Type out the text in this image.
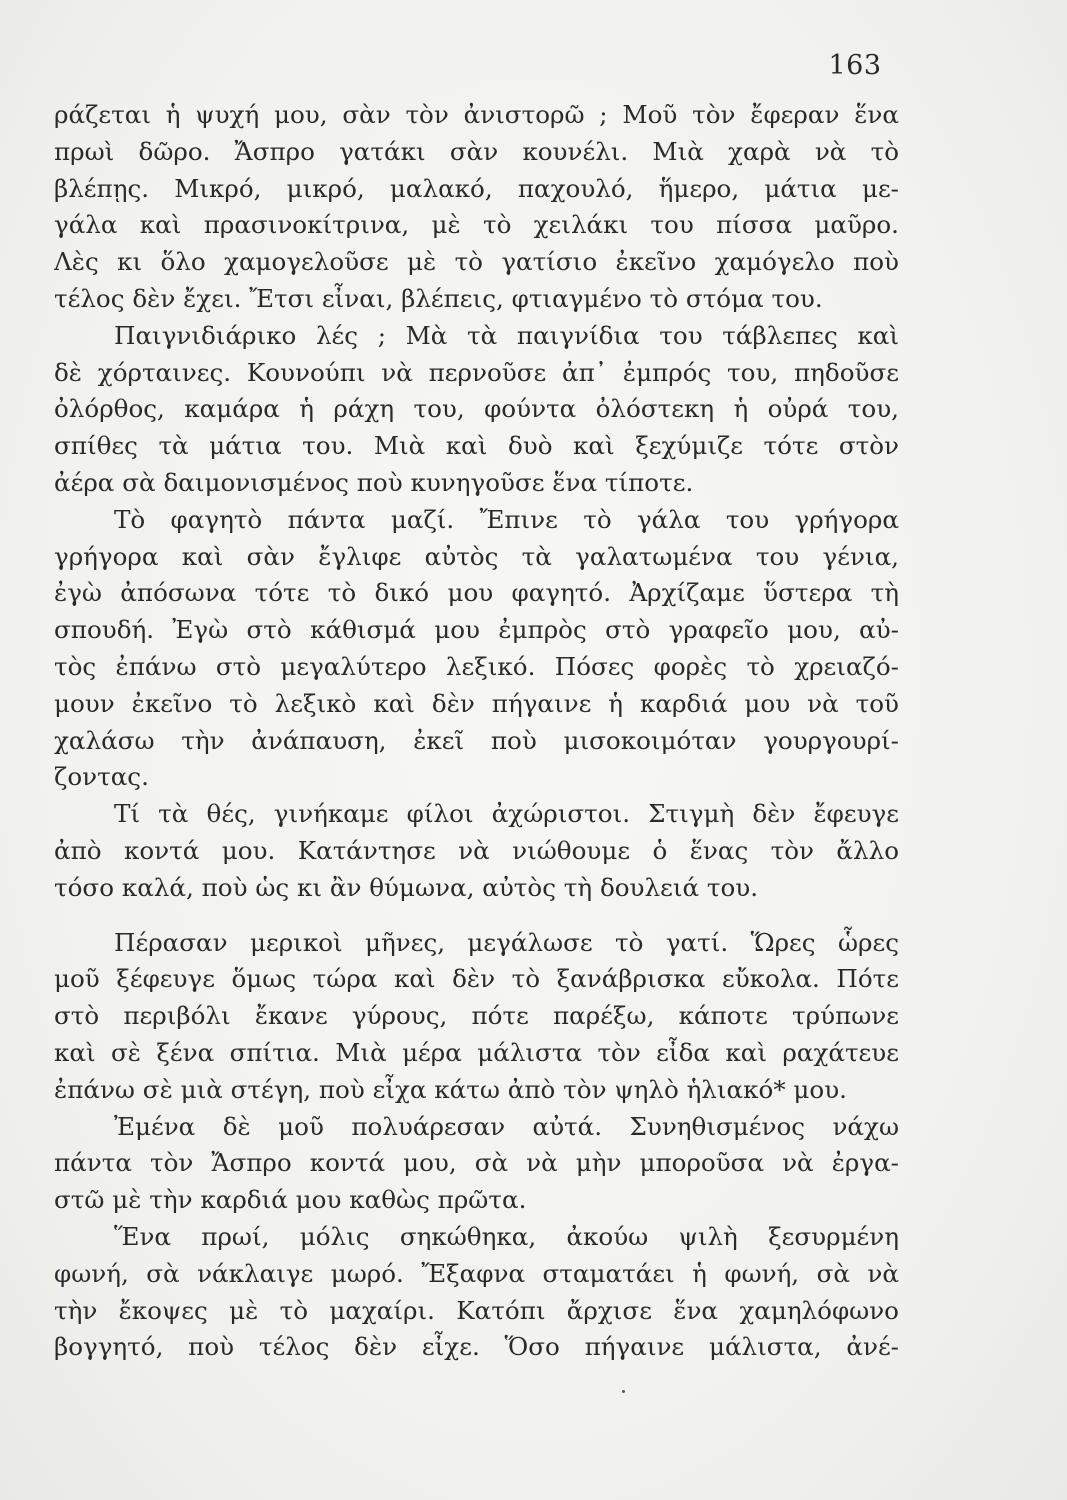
163
ράζεται ἡ ψυχή μου, σὰν τὸν ἀνιστορῶ ; Μοῦ τὸν ἔφεραν ἕνα
πρωὶ δῶρο. Ἄσπρο γατάκι σὰν κουνέλι. Μιὰ χαρὰ νὰ τὸ
βλέπῃς. Μικρό, μικρό, μαλακό, παχουλό, ἥμερο, μάτια με-
γάλα καὶ πρασινοκίτρινα, μὲ τὸ χειλάκι του πίσσα μαῦρο.
Λὲς κι ὅλο χαμογελοῦσε μὲ τὸ γατίσιο ἐκεῖνο χαμόγελο ποὺ
τέλος δὲν ἔχει. Ἔτσι εἶναι, βλέπεις, φτιαγμένο τὸ στόμα του.
Παιγνιδιάρικο λές ; Μὰ τὰ παιγνίδια του τάβλεπες καὶ
δὲ χόρταινες. Κουνούπι νὰ περνοῦσε ἀπ᾽ ἐμπρός του, πηδοῦσε
ὀλόρθος, καμάρα ἡ ράχη του, φούντα ὀλόστεκη ἡ οὐρά του,
σπίθες τὰ μάτια του. Μιὰ καὶ δυὸ καὶ ξεχύμιζε τότε στὸν
ἀέρα σὰ δαιμονισμένος ποὺ κυνηγοῦσε ἕνα τίποτε.
Τὸ φαγητὸ πάντα μαζί. Ἔπινε τὸ γάλα του γρήγορα
γρήγορα καὶ σὰν ἔγλιφε αὐτὸς τὰ γαλατωμένα του γένια,
ἐγὼ ἀπόσωνα τότε τὸ δικό μου φαγητό. Ἀρχίζαμε ὕστερα τὴ
σπουδή. Ἐγὼ στὸ κάθισμά μου ἐμπρὸς στὸ γραφεῖο μου, αὐ-
τὸς ἐπάνω στὸ μεγαλύτερο λεξικό. Πόσες φορὲς τὸ χρειαζό-
μουν ἐκεῖνο τὸ λεξικὸ καὶ δὲν πήγαινε ἡ καρδιά μου νὰ τοῦ
χαλάσω τὴν ἀνάπαυση, ἐκεῖ ποὺ μισοκοιμόταν γουργουρί-
ζοντας.
Τί τὰ θές, γινήκαμε φίλοι ἀχώριστοι. Στιγμὴ δὲν ἔφευγε
ἀπὸ κοντά μου. Κατάντησε νὰ νιώθουμε ὁ ἕνας τὸν ἄλλο
τόσο καλά, ποὺ ὡς κι ἂν θύμωνα, αὐτὸς τὴ δουλειά του.
Πέρασαν μερικοὶ μῆνες, μεγάλωσε τὸ γατί. Ὥρες ὧρες
μοῦ ξέφευγε ὅμως τώρα καὶ δὲν τὸ ξανάβρισκα εὔκολα. Πότε
στὸ περιβόλι ἔκανε γύρους, πότε παρέξω, κάποτε τρύπωνε
καὶ σὲ ξένα σπίτια. Μιὰ μέρα μάλιστα τὸν εἶδα καὶ ραχάτευε
ἐπάνω σὲ μιὰ στέγη, ποὺ εἶχα κάτω ἀπὸ τὸν ψηλὸ ἡλιακό* μου.
Ἐμένα δὲ μοῦ πολυάρεσαν αὐτά. Συνηθισμένος νάχω
πάντα τὸν Ἄσπρο κοντά μου, σὰ νὰ μὴν μποροῦσα νὰ ἐργα-
στῶ μὲ τὴν καρδιά μου καθὼς πρῶτα.
Ἕνα πρωί, μόλις σηκώθηκα, ἀκούω ψιλὴ ξεσυρμένη
φωνή, σὰ νάκλαιγε μωρό. Ἔξαφνα σταματάει ἡ φωνή, σὰ νὰ
τὴν ἔκοψες μὲ τὸ μαχαίρι. Κατόπι ἄρχισε ἕνα χαμηλόφωνο
βογγητό, ποὺ τέλος δὲν εἶχε. Ὅσο πήγαινε μάλιστα, ἀνέ-
